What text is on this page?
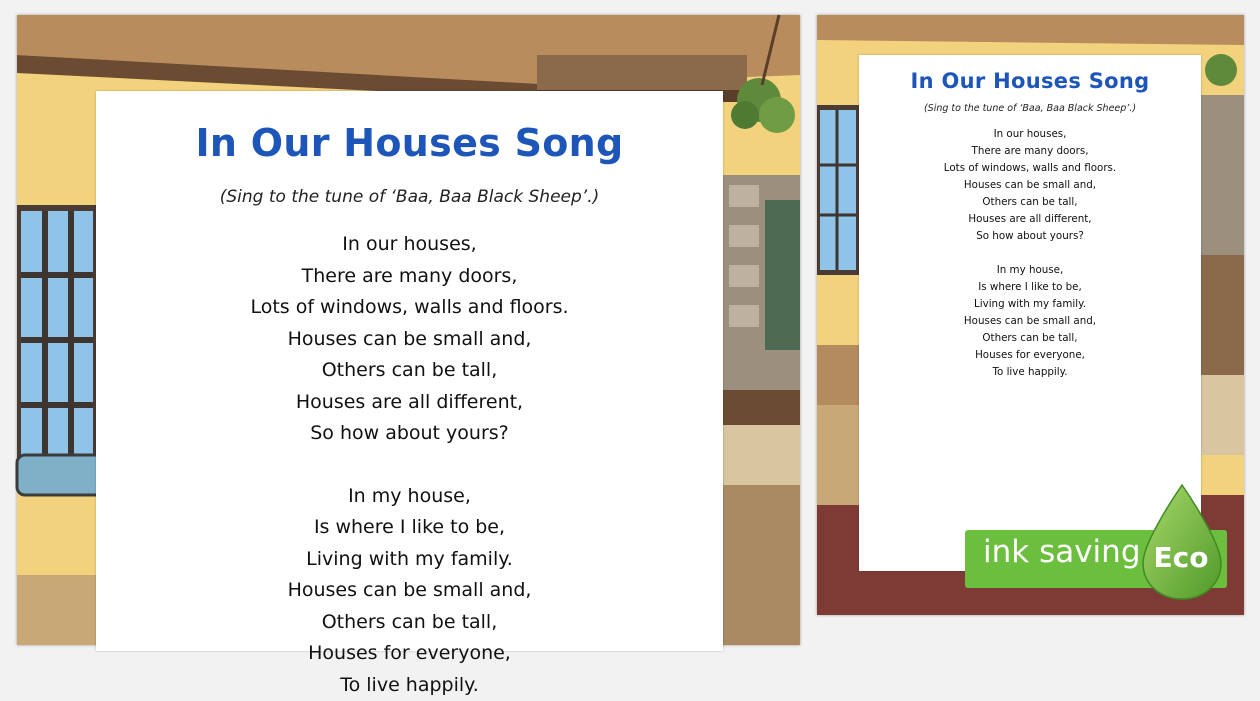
In Our Houses Song
(Sing to the tune of ‘Baa, Baa Black Sheep’.)
In our houses,
There are many doors,
Lots of windows, walls and floors.
Houses can be small and,
Others can be tall,
Houses are all different,
So how about yours?
In my house,
Is where I like to be,
Living with my family.
Houses can be small and,
Others can be tall,
Houses for everyone,
To live happily.
In Our Houses Song
(Sing to the tune of ‘Baa, Baa Black Sheep’.)
In our houses,
There are many doors,
Lots of windows, walls and floors.
Houses can be small and,
Others can be tall,
Houses are all different,
So how about yours?
In my house,
Is where I like to be,
Living with my family.
Houses can be small and,
Others can be tall,
Houses for everyone,
To live happily.
ink saving Eco
